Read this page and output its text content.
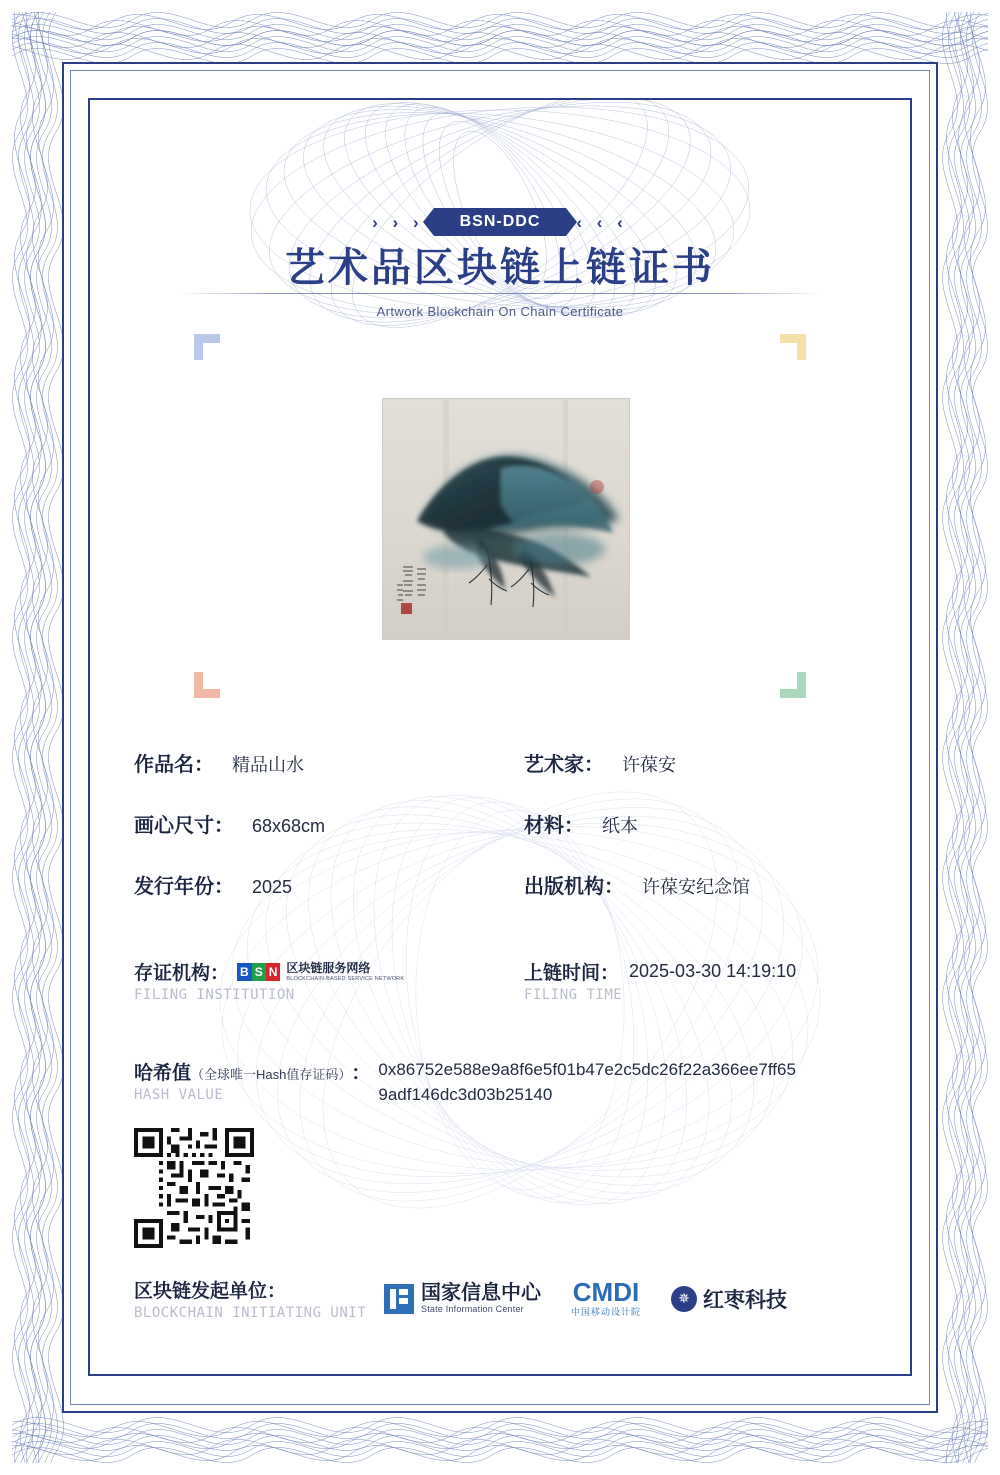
› › ›	BSN-DDC	‹ ‹ ‹
艺术品区块链上链证书
Artwork Blockchain On Chain Certificate
作品名： 精品山水	艺术家： 许葆安
画心尺寸： 68x68cm	材料： 纸本
发行年份： 2025	出版机构： 许葆安纪念馆
存证机构： B S N 区块链服务网络
BLOCKCHAIN-BASED SERVICE NETWORK
FILING INSTITUTION
上链时间： 2025-03-30 14:19:10
FILING TIME
哈希值 （全球唯一Hash值存证码） ：
HASH VALUE
0x86752e588e9a8f6e5f01b47e2c5dc26f22a366ee7ff659adf146dc3d03b25140
区块链发起单位：
BLOCKCHAIN INITIATING UNIT
国家信息中心
State Information Center
CMDI
中国移动设计院
✵ 红枣科技
